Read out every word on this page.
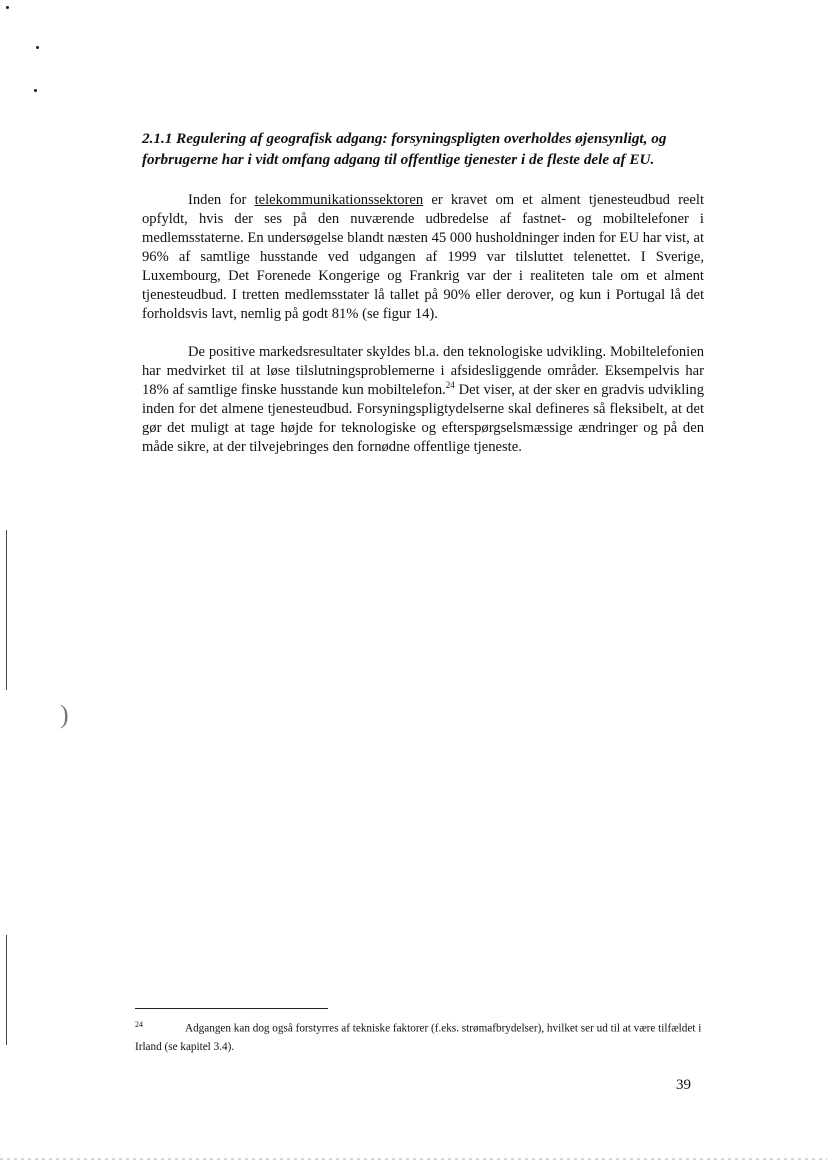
)
2.1.1 Regulering af geografisk adgang: forsyningspligten overholdes øjensynligt, og forbrugerne har i vidt omfang adgang til offentlige tjenester i de fleste dele af EU.

Inden for telekommunikationssektoren er kravet om et alment tjenesteudbud reelt opfyldt, hvis der ses på den nuværende udbredelse af fastnet- og mobiltelefoner i medlemsstaterne. En undersøgelse blandt næsten 45 000 husholdninger inden for EU har vist, at 96% af samtlige husstande ved udgangen af 1999 var tilsluttet telenettet. I Sverige, Luxembourg, Det Forenede Kongerige og Frankrig var der i realiteten tale om et alment tjenesteudbud. I tretten medlemsstater lå tallet på 90% eller derover, og kun i Portugal lå det forholdsvis lavt, nemlig på godt 81% (se figur 14).

De positive markedsresultater skyldes bl.a. den teknologiske udvikling. Mobiltelefonien har medvirket til at løse tilslutningsproblemerne i afsidesliggende områder. Eksempelvis har 18% af samtlige finske husstande kun mobiltelefon.$^{24}$ Det viser, at der sker en gradvis udvikling inden for det almene tjenesteudbud. Forsyningspligtydelserne skal defineres så fleksibelt, at det gør det muligt at tage højde for teknologiske og efterspørgselsmæssige ændringer og på den måde sikre, at der tilvejebringes den fornødne offentlige tjeneste.

24	Adgangen kan dog også forstyrres af tekniske faktorer (f.eks. strømafbrydelser), hvilket ser ud til at være tilfældet i Irland (se kapitel 3.4).
39
